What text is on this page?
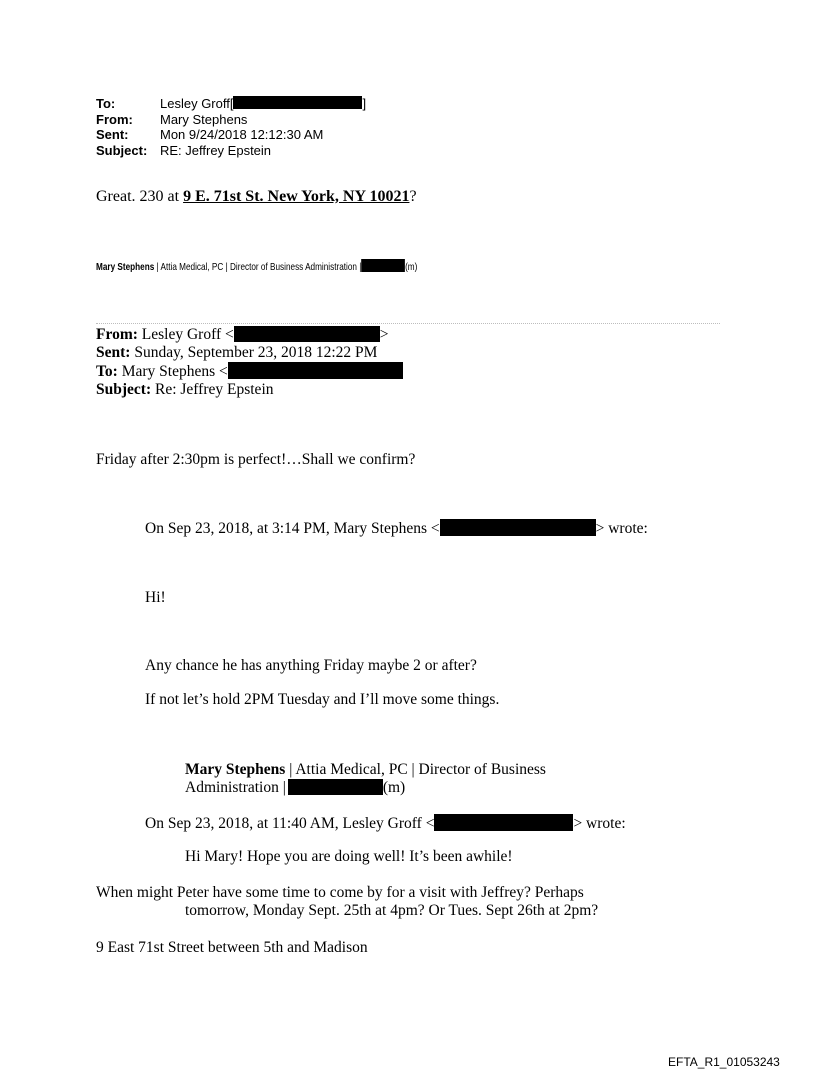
To:	Lesley Groff[	]
From:	Mary Stephens
Sent:	Mon 9/24/2018 12:12:30 AM
Subject: RE: Jeffrey Epstein
Great. 230 at 9 E. 71st St. New York, NY 10021?
Mary Stephens | Attia Medical, PC | Director of Business Administration |	(m)
From: Lesley Groff <	>
Sent: Sunday, September 23, 2018 12:22 PM
To: Mary Stephens <
Subject: Re: Jeffrey Epstein
Friday after 2:30pm is perfect!…Shall we confirm?
On Sep 23, 2018, at 3:14 PM, Mary Stephens <	> wrote:
Hi!
Any chance he has anything Friday maybe 2 or after?
If not let’s hold 2PM Tuesday and I’ll move some things.
Mary Stephens | Attia Medical, PC | Director of Business
Administration |	(m)
On Sep 23, 2018, at 11:40 AM, Lesley Groff <	> wrote:
Hi Mary! Hope you are doing well! It’s been awhile!
When might Peter have some time to come by for a visit with Jeffrey? Perhaps
tomorrow, Monday Sept. 25th at 4pm? Or Tues. Sept 26th at 2pm?
9 East 71st Street between 5th and Madison
EFTA_R1_01053243
